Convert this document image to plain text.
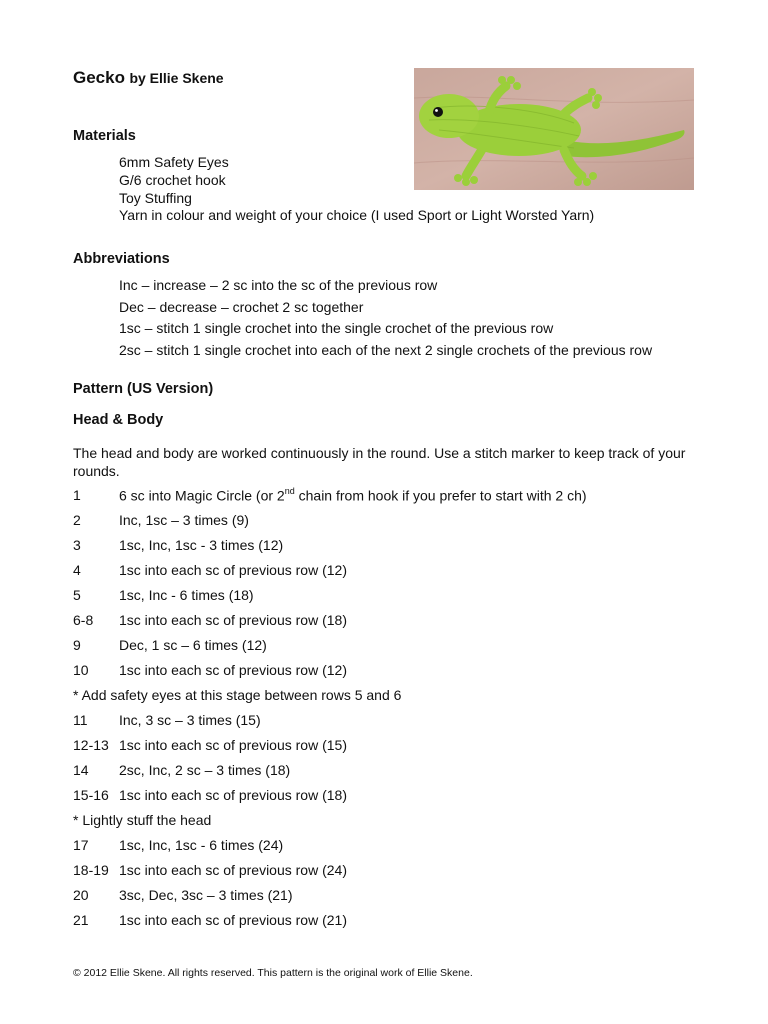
Gecko by Ellie Skene
Materials
6mm Safety Eyes
G/6 crochet hook
Toy Stuffing
Yarn in colour and weight of your choice (I used Sport or Light Worsted Yarn)
Abbreviations
Inc – increase – 2 sc into the sc of the previous row
Dec – decrease – crochet 2 sc together
1sc – stitch 1 single crochet into the single crochet of the previous row
2sc – stitch 1 single crochet into each of the next 2 single crochets of the previous row
Pattern (US Version)
Head & Body
The head and body are worked continuously in the round. Use a stitch marker to keep track of your rounds.
1	6 sc into Magic Circle (or 2nd chain from hook if you prefer to start with 2 ch)
2	Inc, 1sc – 3 times (9)
3	1sc, Inc, 1sc - 3 times (12)
4	1sc into each sc of previous row (12)
5	1sc, Inc - 6 times (18)
6-8 1sc into each sc of previous row (18)
9	Dec, 1 sc – 6 times (12)
10 1sc into each sc of previous row (12)
* Add safety eyes at this stage between rows 5 and 6
11 Inc, 3 sc – 3 times (15)
12-13 1sc into each sc of previous row (15)
14 2sc, Inc, 2 sc – 3 times (18)
15-16 1sc into each sc of previous row (18)
* Lightly stuff the head
17 1sc, Inc, 1sc - 6 times (24)
18-19 1sc into each sc of previous row (24)
20 3sc, Dec, 3sc – 3 times (21)
21 1sc into each sc of previous row (21)
© 2012 Ellie Skene. All rights reserved. This pattern is the original work of Ellie Skene.
